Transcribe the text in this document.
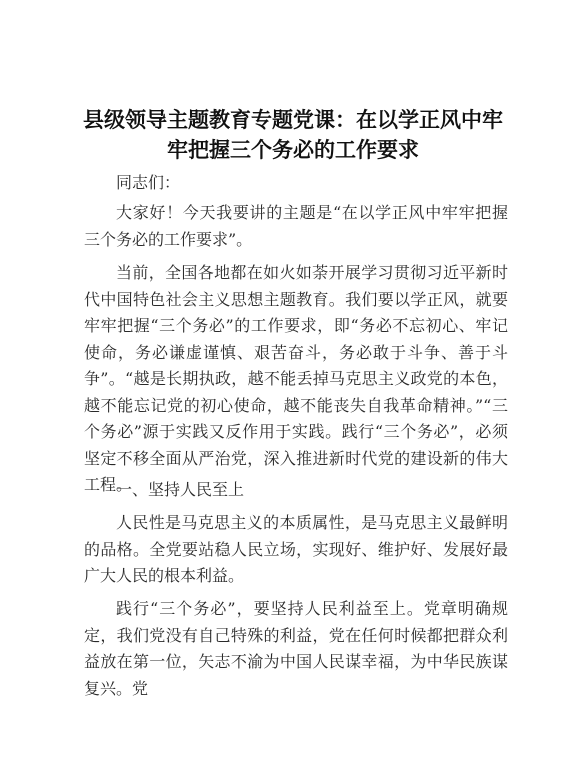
县级领导主题教育专题党课：在以学正风中牢
牢把握三个务必的工作要求

同志们：

大家好！今天我要讲的主题是“在以学正风中牢牢把握三个务必的工作要求”。

当前，全国各地都在如火如荼开展学习贯彻习近平新时代中国特色社会主义思想主题教育。我们要以学正风，就要牢牢把握“三个务必”的工作要求，即“务必不忘初心、牢记使命，务必谦虚谨慎、艰苦奋斗，务必敢于斗争、善于斗争”。“越是长期执政，越不能丢掉马克思主义政党的本色，越不能忘记党的初心使命，越不能丧失自我革命精神。”“三个务必”源于实践又反作用于实践。践行“三个务必”，必须坚定不移全面从严治党，深入推进新时代党的建设新的伟大工程。

一、坚持人民至上

人民性是马克思主义的本质属性，是马克思主义最鲜明的品格。全党要站稳人民立场，实现好、维护好、发展好最广大人民的根本利益。

践行“三个务必”，要坚持人民利益至上。党章明确规定，我们党没有自己特殊的利益，党在任何时候都把群众利益放在第一位，矢志不渝为中国人民谋幸福，为中华民族谋复兴。党
